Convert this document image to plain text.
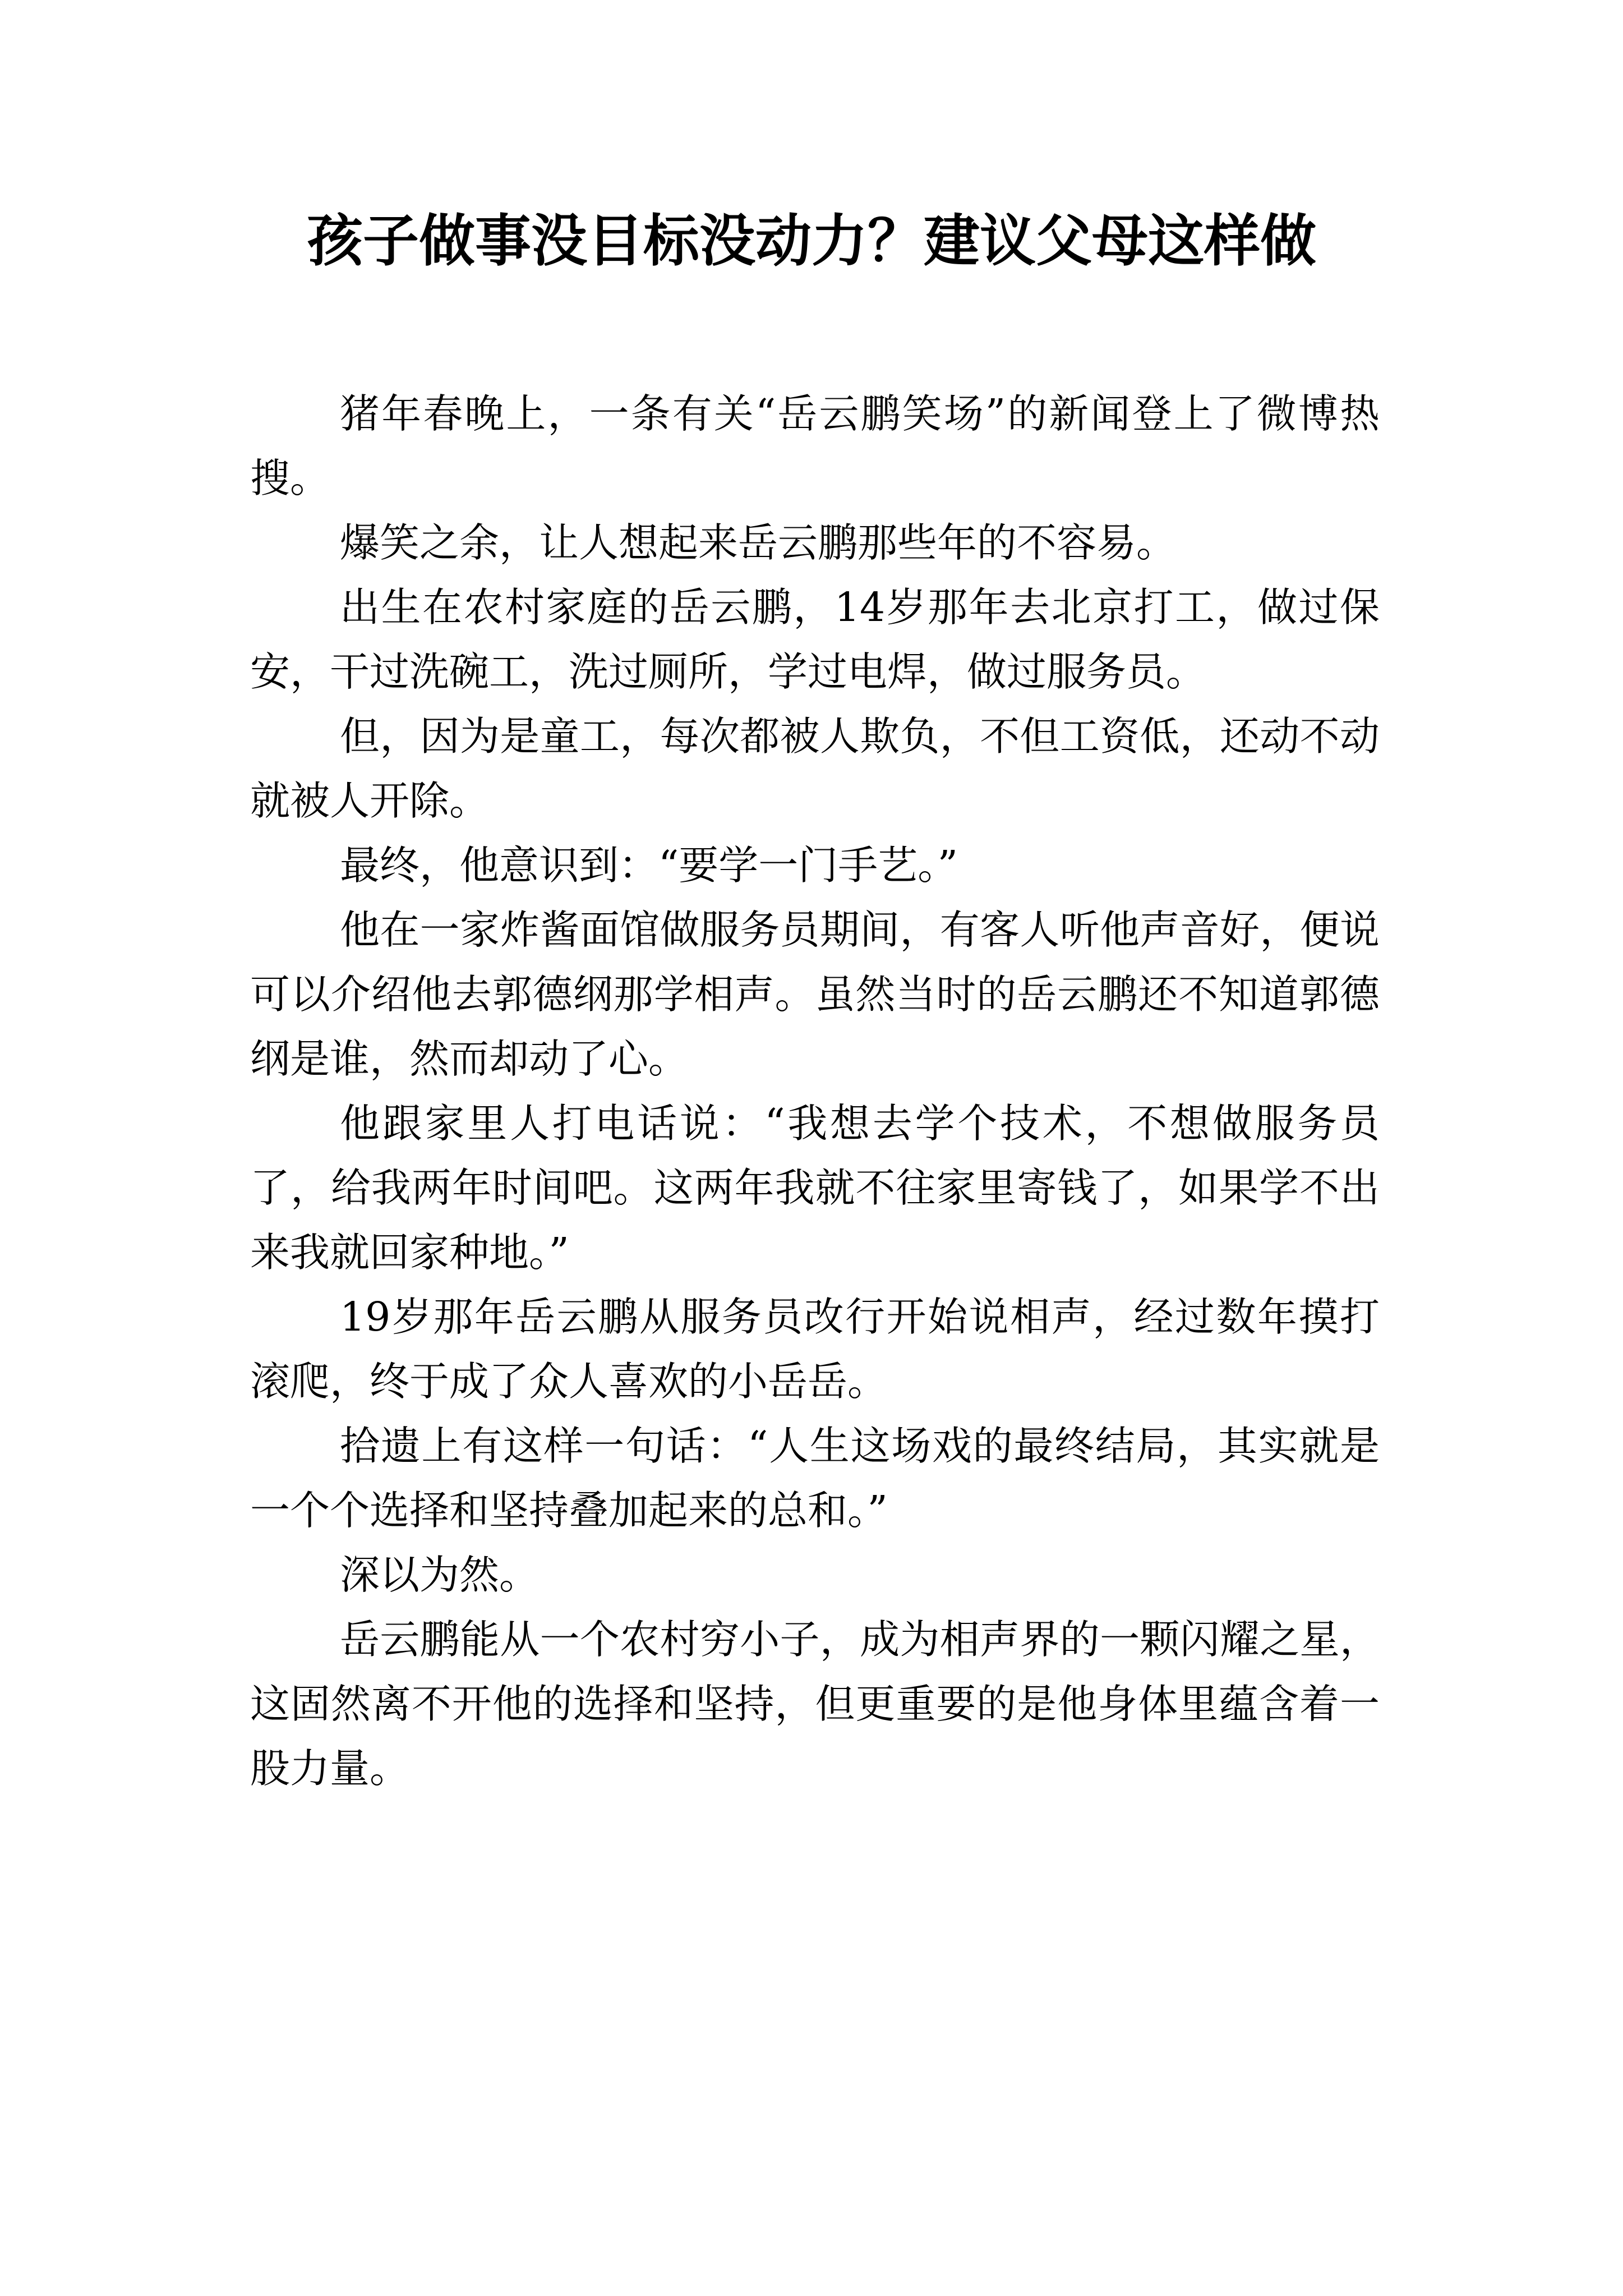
孩子做事没目标没动力？建议父母这样做

猪年春晚上，一条有关“岳云鹏笑场”的新闻登上了微博热搜。

爆笑之余，让人想起来岳云鹏那些年的不容易。

出生在农村家庭的岳云鹏，14岁那年去北京打工，做过保安，干过洗碗工，洗过厕所，学过电焊，做过服务员。

但，因为是童工，每次都被人欺负，不但工资低，还动不动就被人开除。

最终，他意识到：“要学一门手艺。”

他在一家炸酱面馆做服务员期间，有客人听他声音好，便说可以介绍他去郭德纲那学相声。虽然当时的岳云鹏还不知道郭德纲是谁，然而却动了心。

他跟家里人打电话说：“我想去学个技术，不想做服务员了，给我两年时间吧。这两年我就不往家里寄钱了，如果学不出来我就回家种地。”

19岁那年岳云鹏从服务员改行开始说相声，经过数年摸打滚爬，终于成了众人喜欢的小岳岳。

拾遗上有这样一句话：“人生这场戏的最终结局，其实就是一个个选择和坚持叠加起来的总和。”

深以为然。

岳云鹏能从一个农村穷小子，成为相声界的一颗闪耀之星，这固然离不开他的选择和坚持，但更重要的是他身体里蕴含着一股力量。
